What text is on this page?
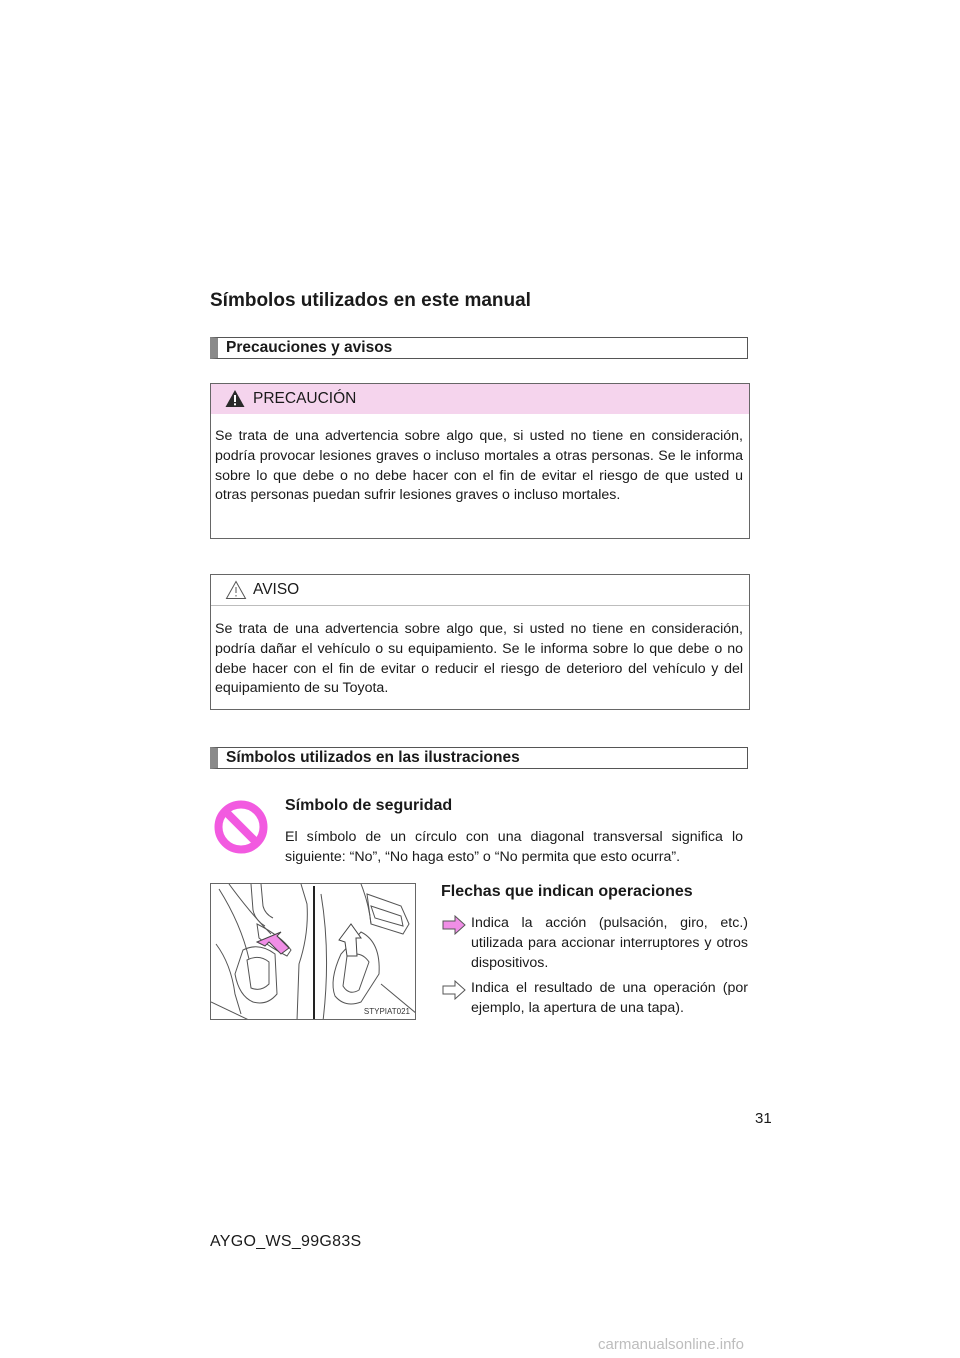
Símbolos utilizados en este manual
Precauciones y avisos
PRECAUCIÓN
Se trata de una advertencia sobre algo que, si usted no tiene en consideración, podría provocar lesiones graves o incluso mortales a otras personas. Se le informa sobre lo que debe o no debe hacer con el fin de evitar el riesgo de que usted u otras personas puedan sufrir lesiones graves o incluso mortales.
AVISO
Se trata de una advertencia sobre algo que, si usted no tiene en consideración, podría dañar el vehículo o su equipamiento. Se le informa sobre lo que debe o no debe hacer con el fin de evitar o reducir el riesgo de deterioro del vehículo y del equipamiento de su Toyota.
Símbolos utilizados en las ilustraciones
Símbolo de seguridad
El símbolo de un círculo con una diagonal transversal significa lo siguiente: “No”, “No haga esto” o “No permita que esto ocurra”.
STYPIAT021
Flechas que indican operaciones
Indica la acción (pulsación, giro, etc.) utilizada para accionar interruptores y otros dispositivos.
Indica el resultado de una operación (por ejemplo, la apertura de una tapa).
31
AYGO_WS_99G83S
carmanualsonline.info
